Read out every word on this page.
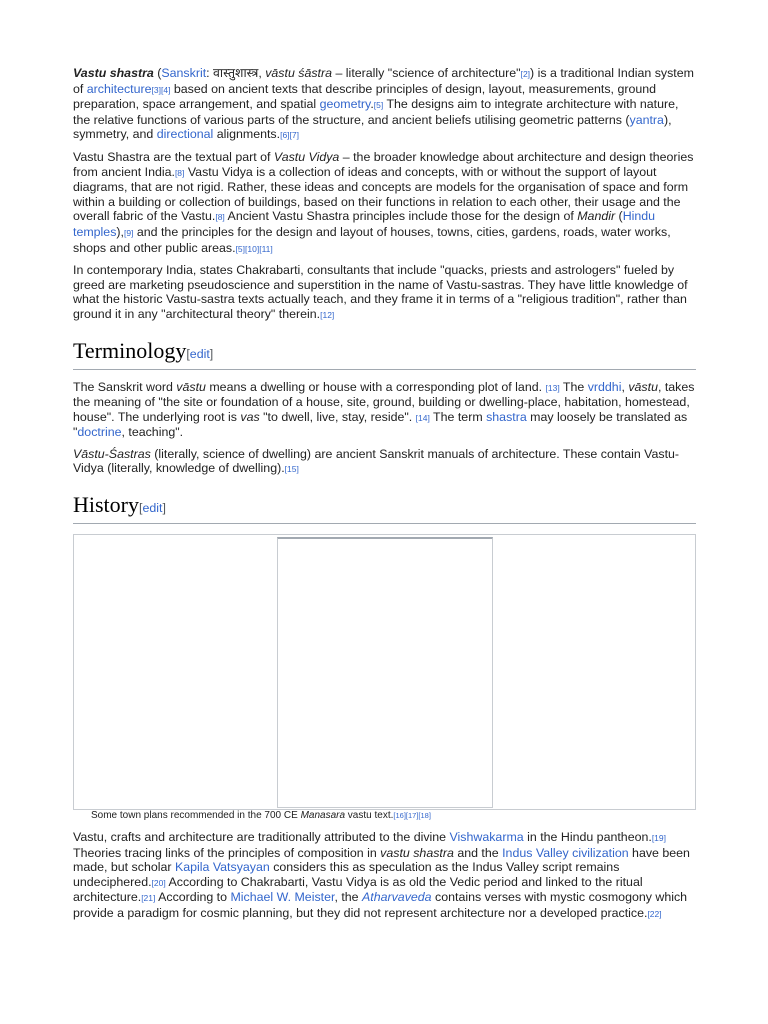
Vastu shastra (Sanskrit: वास्तुशास्त्र, vāstu śāstra – literally "science of architecture"[2]) is a traditional Indian system of architecture[3][4] based on ancient texts that describe principles of design, layout, measurements, ground preparation, space arrangement, and spatial geometry.[5] The designs aim to integrate architecture with nature, the relative functions of various parts of the structure, and ancient beliefs utilising geometric patterns (yantra), symmetry, and directional alignments.[6][7]

Vastu Shastra are the textual part of Vastu Vidya – the broader knowledge about architecture and design theories from ancient India.[8] Vastu Vidya is a collection of ideas and concepts, with or without the support of layout diagrams, that are not rigid. Rather, these ideas and concepts are models for the organisation of space and form within a building or collection of buildings, based on their functions in relation to each other, their usage and the overall fabric of the Vastu.[8] Ancient Vastu Shastra principles include those for the design of Mandir (Hindu temples),[9] and the principles for the design and layout of houses, towns, cities, gardens, roads, water works, shops and other public areas.[5][10][11]

In contemporary India, states Chakrabarti, consultants that include "quacks, priests and astrologers" fueled by greed are marketing pseudoscience and superstition in the name of Vastu-sastras. They have little knowledge of what the historic Vastu-sastra texts actually teach, and they frame it in terms of a "religious tradition", rather than ground it in any "architectural theory" therein.[12]

Terminology[edit]

The Sanskrit word vāstu means a dwelling or house with a corresponding plot of land. [13] The vrddhi, vāstu, takes the meaning of "the site or foundation of a house, site, ground, building or dwelling-place, habitation, homestead, house". The underlying root is vas "to dwell, live, stay, reside". [14] The term shastra may loosely be translated as "doctrine, teaching".

Vāstu-Śastras (literally, science of dwelling) are ancient Sanskrit manuals of architecture. These contain Vastu-Vidya (literally, knowledge of dwelling).[15]

History[edit]
Some town plans recommended in the 700 CE Manasara vastu text.[16][17][18]

Vastu, crafts and architecture are traditionally attributed to the divine Vishwakarma in the Hindu pantheon.[19] Theories tracing links of the principles of composition in vastu shastra and the Indus Valley civilization have been made, but scholar Kapila Vatsyayan considers this as speculation as the Indus Valley script remains undeciphered.[20] According to Chakrabarti, Vastu Vidya is as old the Vedic period and linked to the ritual architecture.[21] According to Michael W. Meister, the Atharvaveda contains verses with mystic cosmogony which provide a paradigm for cosmic planning, but they did not represent architecture nor a developed practice.[22]
